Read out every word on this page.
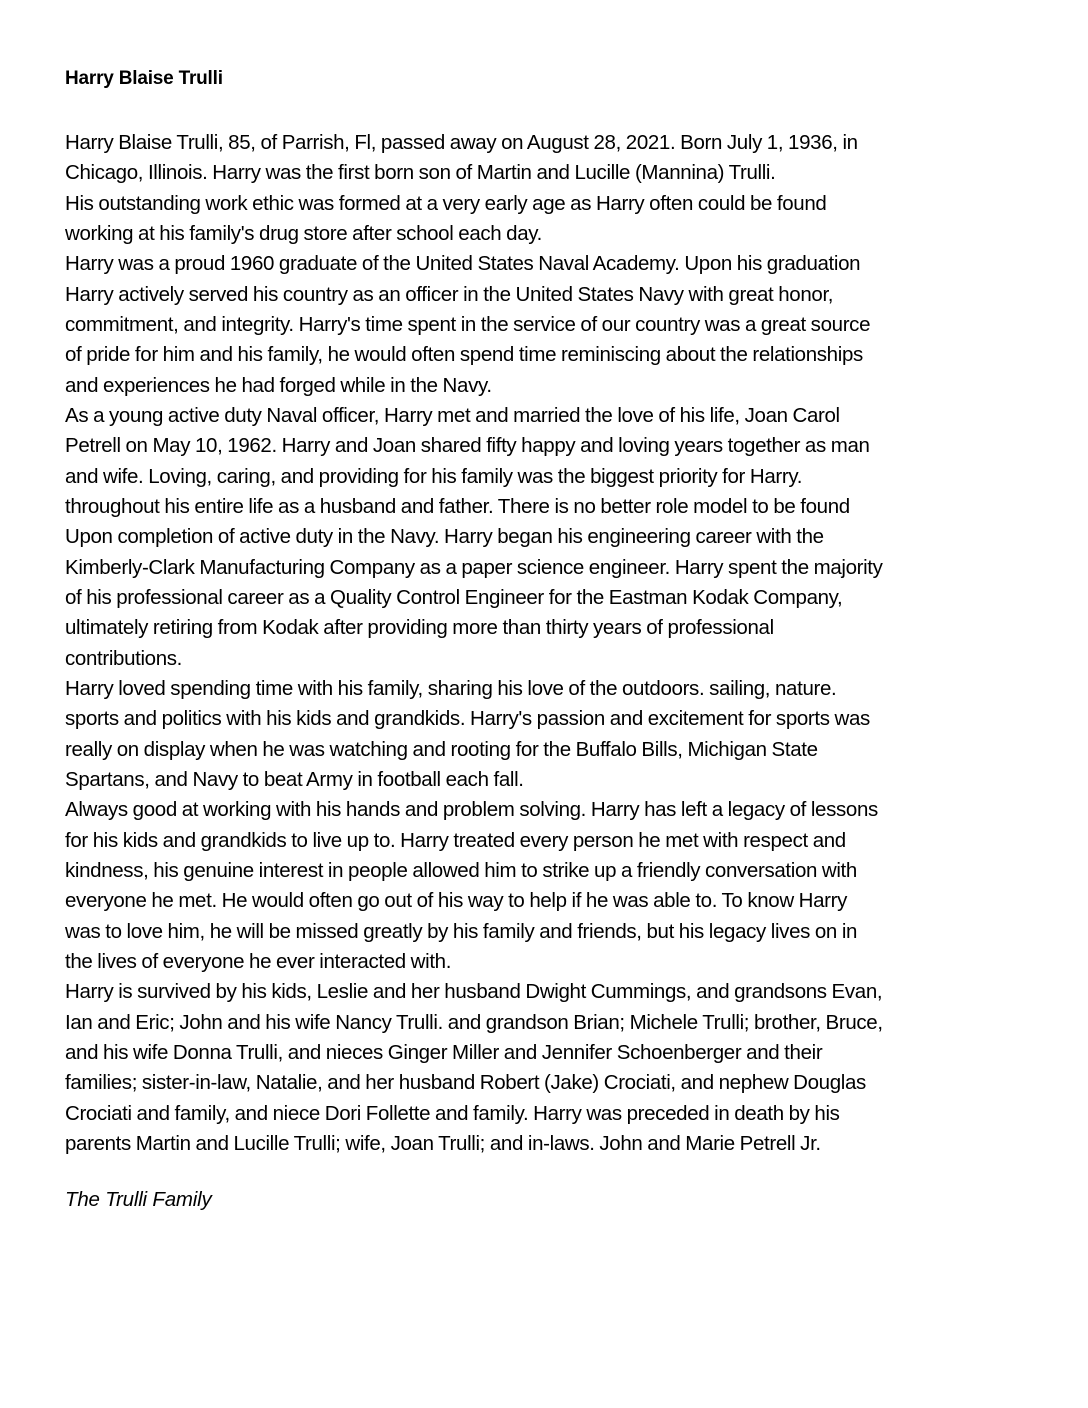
Harry Blaise Trulli
Harry Blaise Trulli, 85, of Parrish, Fl, passed away on August 28, 2021. Born July 1, 1936, in
Chicago, Illinois. Harry was the first born son of Martin and Lucille (Mannina) Trulli.
His outstanding work ethic was formed at a very early age as Harry often could be found
working at his family's drug store after school each day.
Harry was a proud 1960 graduate of the United States Naval Academy. Upon his graduation
Harry actively served his country as an officer in the United States Navy with great honor,
commitment, and integrity. Harry's time spent in the service of our country was a great source
of pride for him and his family, he would often spend time reminiscing about the relationships
and experiences he had forged while in the Navy.
As a young active duty Naval officer, Harry met and married the love of his life, Joan Carol
Petrell on May 10, 1962. Harry and Joan shared fifty happy and loving years together as man
and wife. Loving, caring, and providing for his family was the biggest priority for Harry.
throughout his entire life as a husband and father. There is no better role model to be found
Upon completion of active duty in the Navy. Harry began his engineering career with the
Kimberly-Clark Manufacturing Company as a paper science engineer. Harry spent the majority
of his professional career as a Quality Control Engineer for the Eastman Kodak Company,
ultimately retiring from Kodak after providing more than thirty years of professional
contributions.
Harry loved spending time with his family, sharing his love of the outdoors. sailing, nature.
sports and politics with his kids and grandkids. Harry's passion and excitement for sports was
really on display when he was watching and rooting for the Buffalo Bills, Michigan State
Spartans, and Navy to beat Army in football each fall.
Always good at working with his hands and problem solving. Harry has left a legacy of lessons
for his kids and grandkids to live up to. Harry treated every person he met with respect and
kindness, his genuine interest in people allowed him to strike up a friendly conversation with
everyone he met. He would often go out of his way to help if he was able to. To know Harry
was to love him, he will be missed greatly by his family and friends, but his legacy lives on in
the lives of everyone he ever interacted with.
Harry is survived by his kids, Leslie and her husband Dwight Cummings, and grandsons Evan,
Ian and Eric; John and his wife Nancy Trulli. and grandson Brian; Michele Trulli; brother, Bruce,
and his wife Donna Trulli, and nieces Ginger Miller and Jennifer Schoenberger and their
families; sister-in-law, Natalie, and her husband Robert (Jake) Crociati, and nephew Douglas
Crociati and family, and niece Dori Follette and family. Harry was preceded in death by his
parents Martin and Lucille Trulli; wife, Joan Trulli; and in-laws. John and Marie Petrell Jr.
The Trulli Family
